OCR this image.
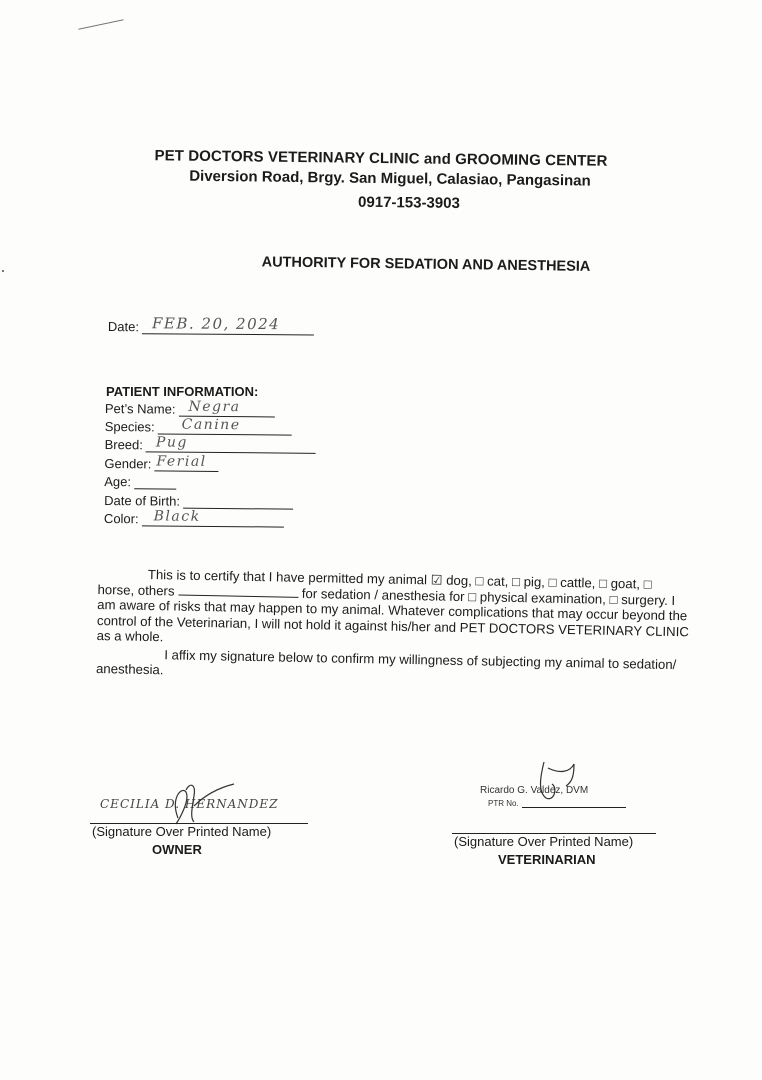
PET DOCTORS VETERINARY CLINIC and GROOMING CENTER
Diversion Road, Brgy. San Miguel, Calasiao, Pangasinan
0917-153-3903
AUTHORITY FOR SEDATION AND ANESTHESIA
Date: FEB. 20, 2024
PATIENT INFORMATION:
Pet’s Name: Negra
Species: Canine
Breed: Pug
Gender: Ferial
Age:
Date of Birth:
Color: Black

This is to certify that I have permitted my animal ☑ dog, □ cat, □ pig, □ cattle, □ goat, □ horse, others	for sedation / anesthesia for □ physical examination, □ surgery. I am aware of risks that may happen to my animal. Whatever complications that may occur beyond the control of the Veterinarian, I will not hold it against his/her and PET DOCTORS VETERINARY CLINIC as a whole.

I affix my signature below to confirm my willingness of subjecting my animal to sedation/ anesthesia.

CECILIA D. HERNANDEZ
(Signature Over Printed Name)
OWNER
Ricardo G. Valdez, DVM
PTR No.
(Signature Over Printed Name)
VETERINARIAN
